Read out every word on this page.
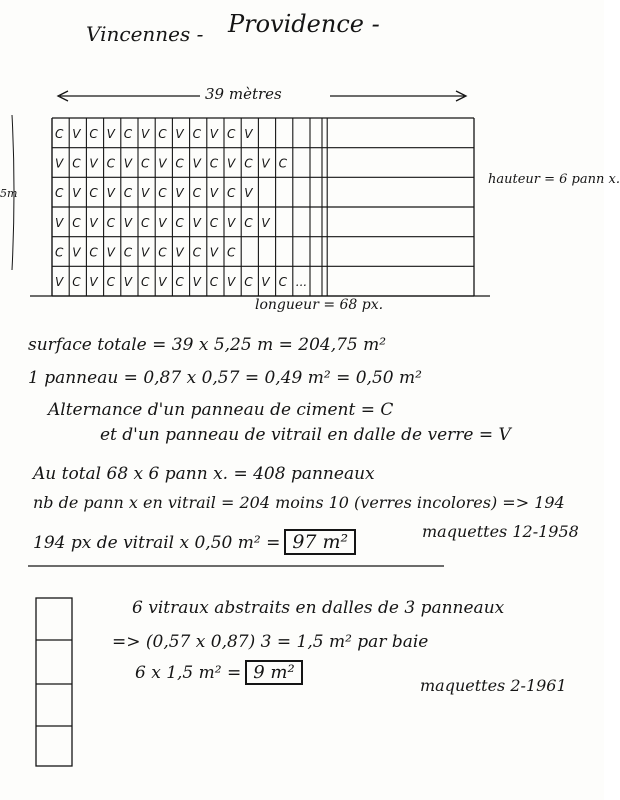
Vincennes - Providence -
C V C V C V C V C V C V
V C V C V C V C V C V C V C
C V C V C V C V C V C V
V C V C V C V C V C V C V
C V C V C V C V C V C
V C V C V C V C V C V C V C ...
39 mètres
hauteur = 6 pann x.
5m
longueur = 68 px.
surface totale = 39 x 5,25 m = 204,75 m²
1 panneau = 0,87 x 0,57 = 0,49 m² = 0,50 m²
Alternance d'un panneau de ciment = C
et d'un panneau de vitrail en dalle de verre = V
Au total 68 x 6 pann x. = 408 panneaux
nb de pann x en vitrail = 204 moins 10 (verres incolores) => 194
194 px de vitrail x 0,50 m² = 97 m²	maquettes 12-1958
6 vitraux abstraits en dalles de 3 panneaux
=> (0,57 x 0,87) 3 = 1,5 m² par baie
6 x 1,5 m² = 9 m²
maquettes 2-1961
